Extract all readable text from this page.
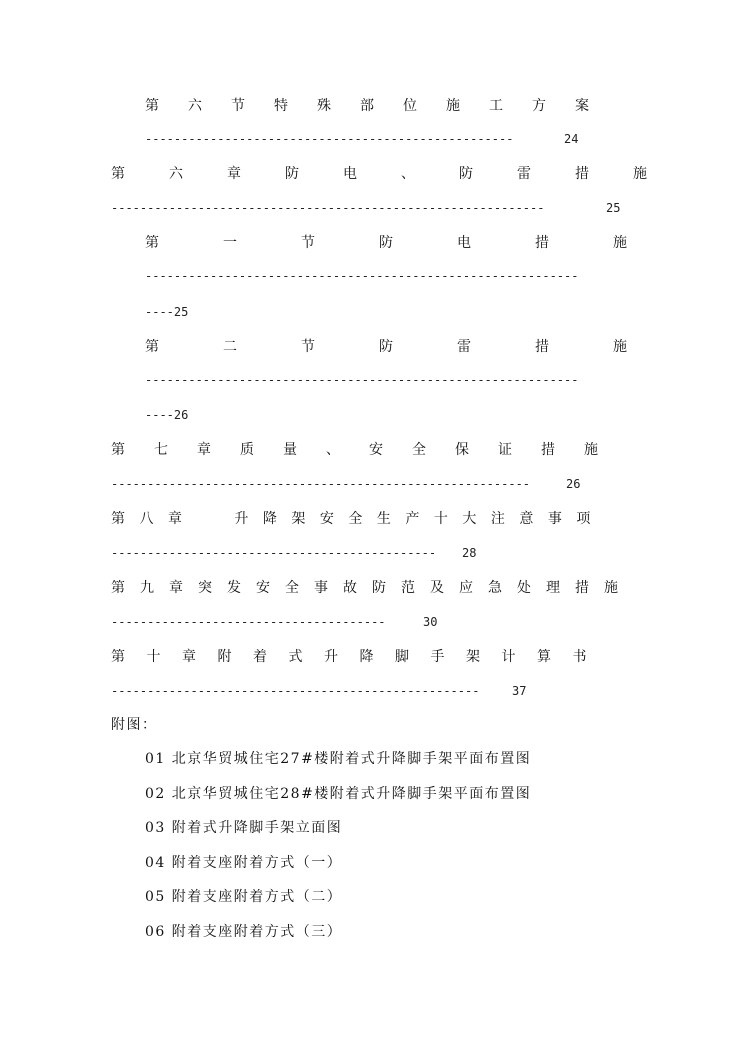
第六节特殊部位施工方案
---------------------------------------------------	24
第六章防电、防雷措施
------------------------------------------------------------	25
第一节防电措施
------------------------------------------------------------
----25
第二节防雷措施
------------------------------------------------------------
----26
第七章质量、安全保证措施
----------------------------------------------------------	26
第八章  升降架安全生产十大注意事项
---------------------------------------------	28
第九章突发安全事故防范及应急处理措施
--------------------------------------	30
第十章附着式升降脚手架计算书
---------------------------------------------------	37
附图：
01 北京华贸城住宅27#楼附着式升降脚手架平面布置图
02 北京华贸城住宅28#楼附着式升降脚手架平面布置图
03 附着式升降脚手架立面图
04 附着支座附着方式（一）
05 附着支座附着方式（二）
06 附着支座附着方式（三）
